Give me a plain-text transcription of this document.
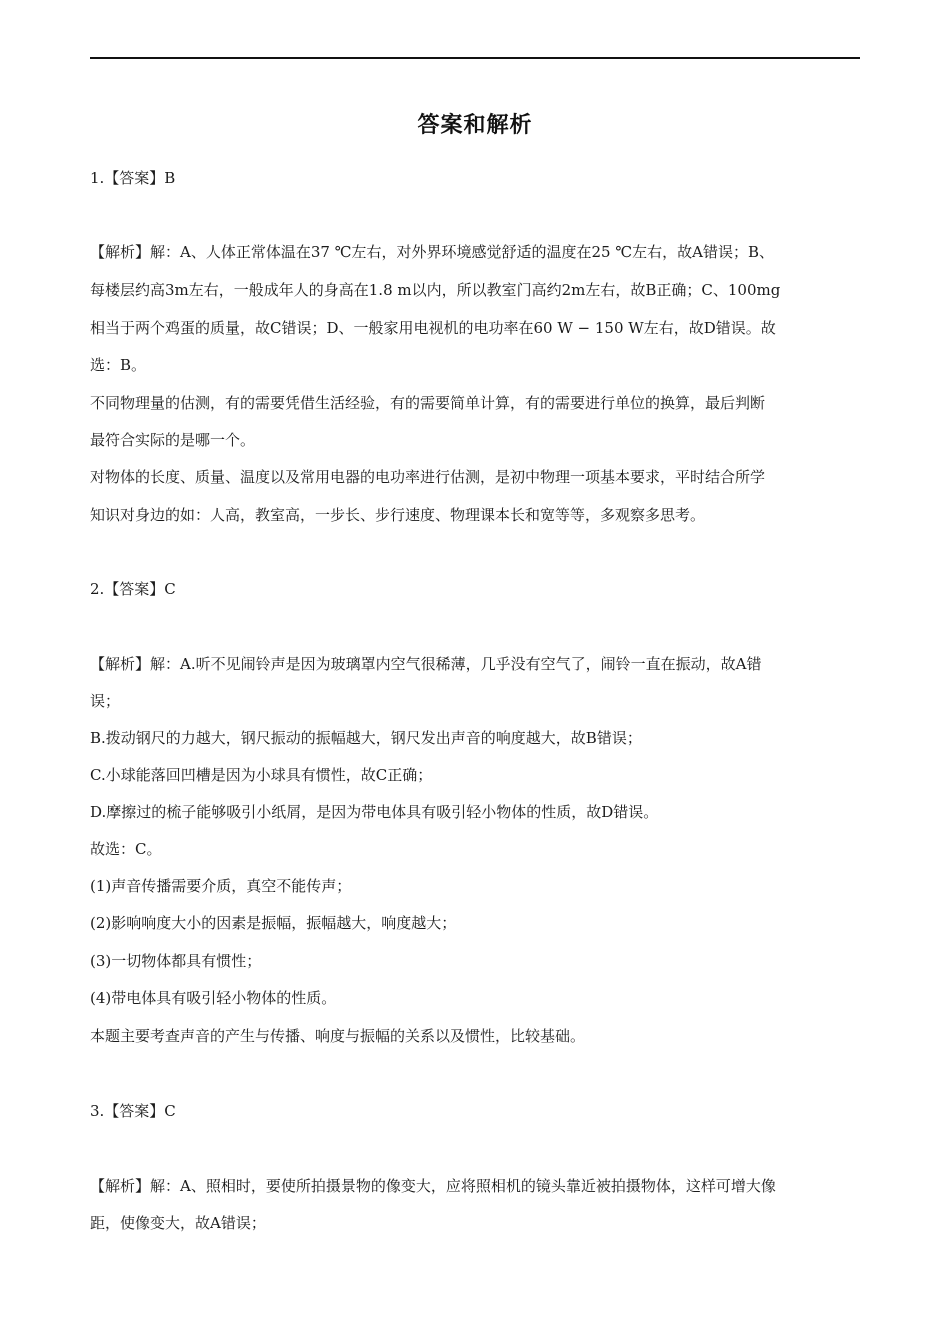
答案和解析
1.【答案】B
【解析】解：A、人体正常体温在37 ℃左右，对外界环境感觉舒适的温度在25 ℃左右，故A错误；B、
每楼层约高3m左右，一般成年人的身高在1.8 m以内，所以教室门高约2m左右，故B正确；C、100mg
相当于两个鸡蛋的质量，故C错误；D、一般家用电视机的电功率在60 W − 150 W左右，故D错误。故
选：B。
不同物理量的估测，有的需要凭借生活经验，有的需要简单计算，有的需要进行单位的换算，最后判断
最符合实际的是哪一个。
对物体的长度、质量、温度以及常用电器的电功率进行估测，是初中物理一项基本要求，平时结合所学
知识对身边的如：人高，教室高，一步长、步行速度、物理课本长和宽等等，多观察多思考。
2.【答案】C
【解析】解：A.听不见闹铃声是因为玻璃罩内空气很稀薄，几乎没有空气了，闹铃一直在振动，故A错
误；
B.拨动钢尺的力越大，钢尺振动的振幅越大，钢尺发出声音的响度越大，故B错误；
C.小球能落回凹槽是因为小球具有惯性，故C正确；
D.摩擦过的梳子能够吸引小纸屑，是因为带电体具有吸引轻小物体的性质，故D错误。
故选：C。
(1)声音传播需要介质，真空不能传声；
(2)影响响度大小的因素是振幅，振幅越大，响度越大；
(3)一切物体都具有惯性；
(4)带电体具有吸引轻小物体的性质。
本题主要考查声音的产生与传播、响度与振幅的关系以及惯性，比较基础。
3.【答案】C
【解析】解：A、照相时，要使所拍摄景物的像变大，应将照相机的镜头靠近被拍摄物体，这样可增大像
距，使像变大，故A错误；
